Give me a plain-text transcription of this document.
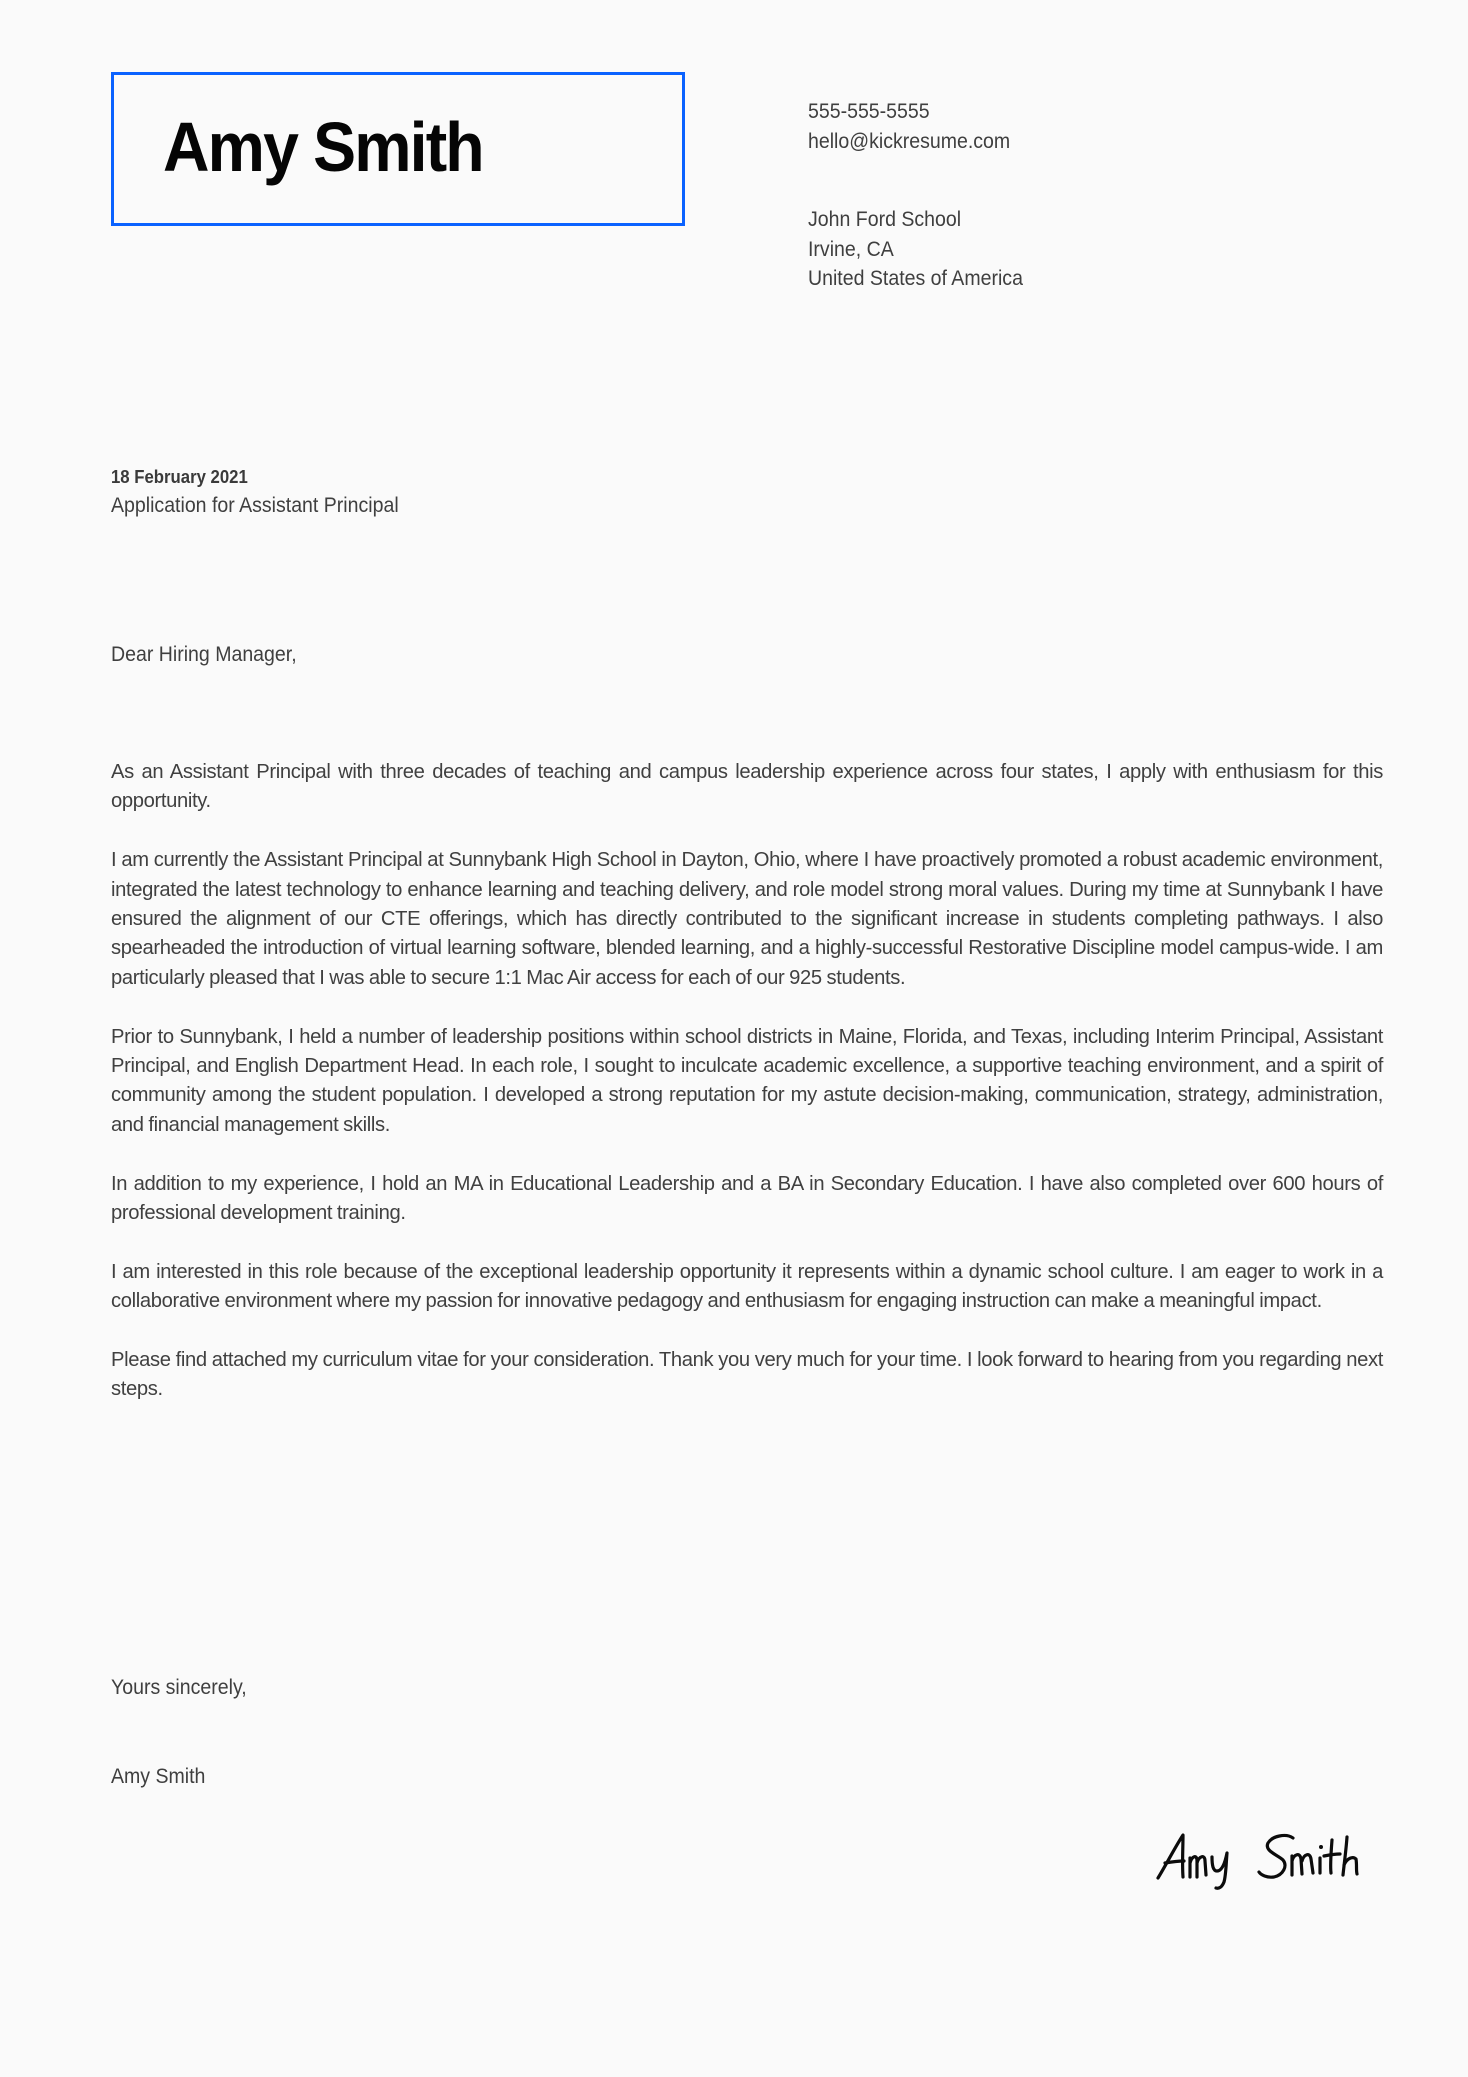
Amy Smith	555-555-5555
hello@kickresume.com
John Ford School
Irvine, CA
United States of America
18 February 2021
Application for Assistant Principal
Dear Hiring Manager,

As an Assistant Principal with three decades of teaching and campus leadership experience across four states, I apply with enthusiasm for this opportunity.

I am currently the Assistant Principal at Sunnybank High School in Dayton, Ohio, where I have proactively promoted a robust academic environment, integrated the latest technology to enhance learning and teaching delivery, and role model strong moral values. During my time at Sunnybank I have ensured the alignment of our CTE offerings, which has directly contributed to the significant increase in students completing pathways. I also spearheaded the introduction of virtual learning software, blended learning, and a highly-successful Restorative Discipline model campus-wide. I am particularly pleased that I was able to secure 1:1 Mac Air access for each of our 925 students.

Prior to Sunnybank, I held a number of leadership positions within school districts in Maine, Florida, and Texas, including Interim Principal, Assistant Principal, and English Department Head. In each role, I sought to inculcate academic excellence, a supportive teaching environment, and a spirit of community among the student population. I developed a strong reputation for my astute decision-making, communication, strategy, administration, and financial management skills.

In addition to my experience, I hold an MA in Educational Leadership and a BA in Secondary Education. I have also completed over 600 hours of professional development training.

I am interested in this role because of the exceptional leadership opportunity it represents within a dynamic school culture. I am eager to work in a collaborative environment where my passion for innovative pedagogy and enthusiasm for engaging instruction can make a meaningful impact.

Please find attached my curriculum vitae for your consideration. Thank you very much for your time. I look forward to hearing from you regarding next steps.

Yours sincerely,
Amy Smith
